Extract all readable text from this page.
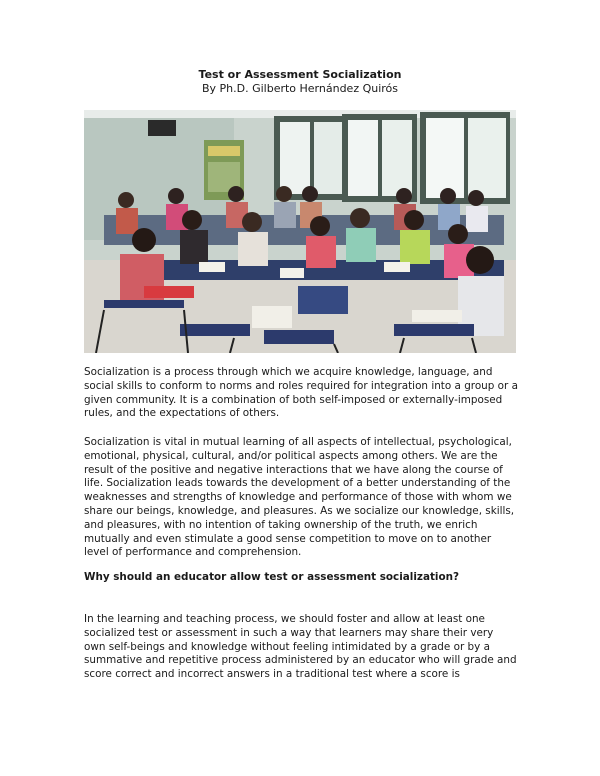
Test or Assessment Socialization
By Ph.D. Gilberto Hernández Quirós

Socialization is a process through which we acquire knowledge, language, and social skills to conform to norms and roles required for integration into a group or a given community. It is a combination of both self-imposed or externally-imposed rules, and the expectations of others.

Socialization is vital in mutual learning of all aspects of intellectual, psychological, emotional, physical, cultural, and/or political aspects among others. We are the result of the positive and negative interactions that we have along the course of life. Socialization leads towards the development of a better understanding of the weaknesses and strengths of knowledge and performance of those with whom we share our beings, knowledge, and pleasures. As we socialize our knowledge, skills, and pleasures, with no intention of taking ownership of the truth, we enrich mutually and even stimulate a good sense competition to move on to another level of performance and comprehension.

Why should an educator allow test or assessment socialization?

In the learning and teaching process, we should foster and allow at least one socialized test or assessment in such a way that learners may share their very own self-beings and knowledge without feeling intimidated by a grade or by a summative and repetitive process administered by an educator who will grade and score correct and incorrect answers in a traditional test where a score is
